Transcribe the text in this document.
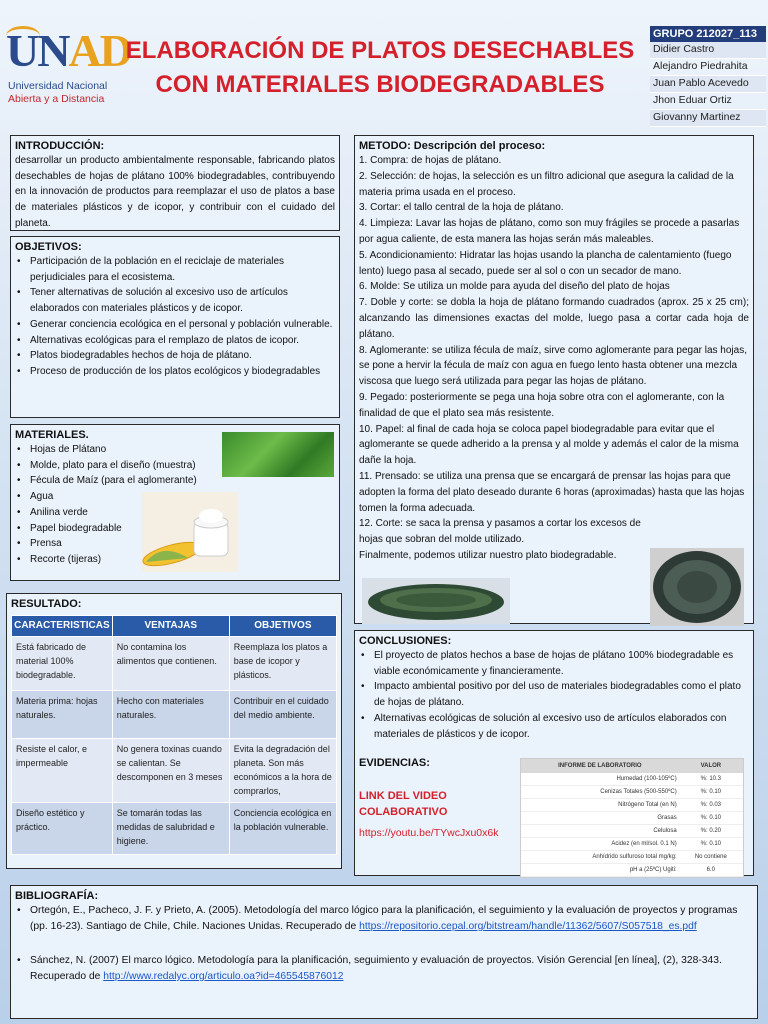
UNAD
Universidad Nacional
Abierta y a Distancia
ELABORACIÓN DE PLATOS DESECHABLES
CON MATERIALES BIODEGRADABLES
GRUPO 212027_113
Didier Castro
Alejandro Piedrahita
Juan Pablo Acevedo
Jhon Eduar Ortiz
Giovanny Martinez
INTRODUCCIÓN:

desarrollar un producto ambientalmente responsable, fabricando platos desechables de hojas de plátano 100% biodegradables, contribuyendo en la innovación de productos para reemplazar el uso de platos a base de materiales plásticos y de icopor, y contribuir con el cuidado del planeta.

OBJETIVOS:
• Participación de la población en el reciclaje de materiales perjudiciales para el ecosistema.
• Tener alternativas de solución al excesivo uso de artículos elaborados con materiales plásticos y de icopor.
• Generar conciencia ecológica en el personal y población vulnerable.
• Alternativas ecológicas para el remplazo de platos de icopor.
• Platos biodegradables hechos de hoja de plátano.
• Proceso de producción de los platos ecológicos y biodegradables
MATERIALES.
• Hojas de Plátano
• Molde, plato para el diseño (muestra)
• Fécula de Maíz (para el aglomerante)
• Agua
• Anilina verde
• Papel biodegradable
• Prensa
• Recorte (tijeras)
METODO: Descripción del proceso:
1. Compra: de hojas de plátano.
2. Selección: de hojas, la selección es un filtro adicional que asegura la calidad de la materia prima usada en el proceso.
3. Cortar: el tallo central de la hoja de plátano.
4. Limpieza: Lavar las hojas de plátano, como son muy frágiles se procede a pasarlas por agua caliente, de esta manera las hojas serán más maleables.
5. Acondicionamiento: Hidratar las hojas usando la plancha de calentamiento (fuego lento) luego pasa al secado, puede ser al sol o con un secador de mano.
6. Molde: Se utiliza un molde para ayuda del diseño del plato de hojas
7. Doble y corte: se dobla la hoja de plátano formando cuadrados (aprox. 25 x 25 cm); alcanzando las dimensiones exactas del molde, luego pasa a cortar cada hoja de plátano.
8. Aglomerante: se utiliza fécula de maíz, sirve como aglomerante para pegar las hojas, se pone a hervir la fécula de maíz con agua en fuego lento hasta obtener una mezcla viscosa que luego será utilizada para pegar las hojas de plátano.
9. Pegado: posteriormente se pega una hoja sobre otra con el aglomerante, con la finalidad de que el plato sea más resistente.
10. Papel: al final de cada hoja se coloca papel biodegradable para evitar que el aglomerante se quede adherido a la prensa y al molde y además el calor de la misma dañe la hoja.
11. Prensado: se utiliza una prensa que se encargará de prensar las hojas para que adopten la forma del plato deseado durante 6 horas (aproximadas) hasta que las hojas tomen la forma adecuada.
12. Corte: se saca la prensa y pasamos a cortar los excesos de hojas que sobran del molde utilizado.
Finalmente, podemos utilizar nuestro plato biodegradable.
RESULTADO:
CARACTERISTICAS	VENTAJAS	OBJETIVOS
Está fabricado de material 100% biodegradable.	No contamina los alimentos que contienen.	Reemplaza los platos a base de icopor y plásticos.
Materia prima: hojas naturales.	Hecho con materiales naturales.	Contribuir en el cuidado del medio ambiente.
Resiste el calor, e impermeable	No genera toxinas cuando se calientan. Se descomponen en 3 meses	Evita la degradación del planeta. Son más económicos a la hora de comprarlos,
Diseño estético y práctico.	Se tomarán todas las medidas de salubridad e higiene.	Conciencia ecológica en la población vulnerable.
CONCLUSIONES:
• El proyecto de platos hechos a base de hojas de plátano 100% biodegradable es viable económicamente y financieramente.
• Impacto ambiental positivo por del uso de materiales biodegradables como el plato de hojas de plátano.
• Alternativas ecológicas de solución al excesivo uso de artículos elaborados con materiales de plásticos y de icopor.
EVIDENCIAS:
LINK DEL VIDEO COLABORATIVO
https://youtu.be/TYwcJxu0x6k
INFORME DE LABORATORIO	VALOR
Humedad (100-105ºC)	%: 10.3
Cenizas Totales (500-550ºC)	%: 0.10
Nitrógeno Total (en N)	%: 0.03
Grasas	%: 0.10
Celulosa	%: 0.20
Acidez (en ml/sol. 0.1 N)	%: 0.10
Anhídrido sulfuroso total mg/kg:	No contiene
pH a (25ºC) Ugiti:	6.0
BIBLIOGRAFÍA:
• Ortegón, E., Pacheco, J. F. y Prieto, A. (2005). Metodología del marco lógico para la planificación, el seguimiento y la evaluación de proyectos y programas (pp. 16-23). Santiago de Chile, Chile. Naciones Unidas. Recuperado de https://repositorio.cepal.org/bitstream/handle/11362/5607/S057518_es.pdf
• Sánchez, N. (2007) El marco lógico. Metodología para la planificación, seguimiento y evaluación de proyectos. Visión Gerencial [en línea], (2), 328-343. Recuperado de http://www.redalyc.org/articulo.oa?id=465545876012
